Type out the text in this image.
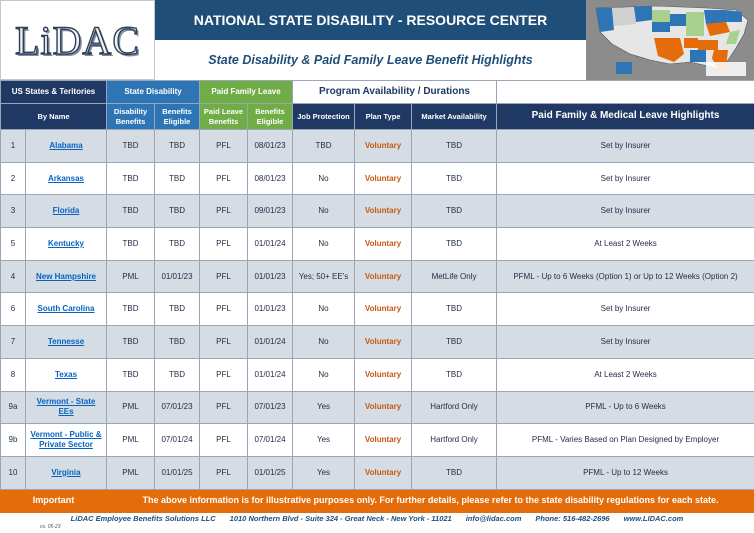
LiDAC	NATIONAL STATE DISABILITY - RESOURCE CENTER
State Disability & Paid Family Leave Benefit Highlights
US States & Teritories		State Disability		Paid Family Leave		Program Availability / Durations			
By Name		Disability Benefits	Benefits Eligible	Paid Leave Benefits	Benefits Eligible	Job Protection	Plan Type	Market Availability	Paid Family & Medical Leave Highlights
1	Alabama	TBD	TBD	PFL	08/01/23	TBD	Voluntary	TBD	Set by Insurer
2	Arkansas	TBD	TBD	PFL	08/01/23	No	Voluntary	TBD	Set by Insurer
3	Florida	TBD	TBD	PFL	09/01/23	No	Voluntary	TBD	Set by Insurer
5	Kentucky	TBD	TBD	PFL	01/01/24	No	Voluntary	TBD	At Least 2 Weeks
4	New Hampshire	PML	01/01/23	PFL	01/01/23	Yes; 50+ EE's	Voluntary	MetLife Only	PFML - Up to 6 Weeks (Option 1) or Up to 12 Weeks (Option 2)
6	South Carolina	TBD	TBD	PFL	01/01/23	No	Voluntary	TBD	Set by Insurer
7	Tennesse	TBD	TBD	PFL	01/01/24	No	Voluntary	TBD	Set by Insurer
8	Texas	TBD	TBD	PFL	01/01/24	No	Voluntary	TBD	At Least 2 Weeks
9a	Vermont - State EEs	PML	07/01/23	PFL	07/01/23	Yes	Voluntary	Hartford Only	PFML - Up to 6 Weeks
9b	Vermont - Public & Private Sector	PML	07/01/24	PFL	07/01/24	Yes	Voluntary	Hartford Only	PFML - Varies Based on Plan Designed by Employer
10	Virginia	PML	01/01/25	PFL	01/01/25	Yes	Voluntary	TBD	PFML - Up to 12 Weeks
Important		The above information is for illustrative purposes only. For further details, please refer to the state disability regulations for each state.							
LiDAC Employee Benefits Solutions LLC 1010 Northern Blvd - Suite 324 - Great Neck - New York - 11021 info@lidac.com Phone: 516-482-2696 www.LIDAC.com
vs. 05-23
